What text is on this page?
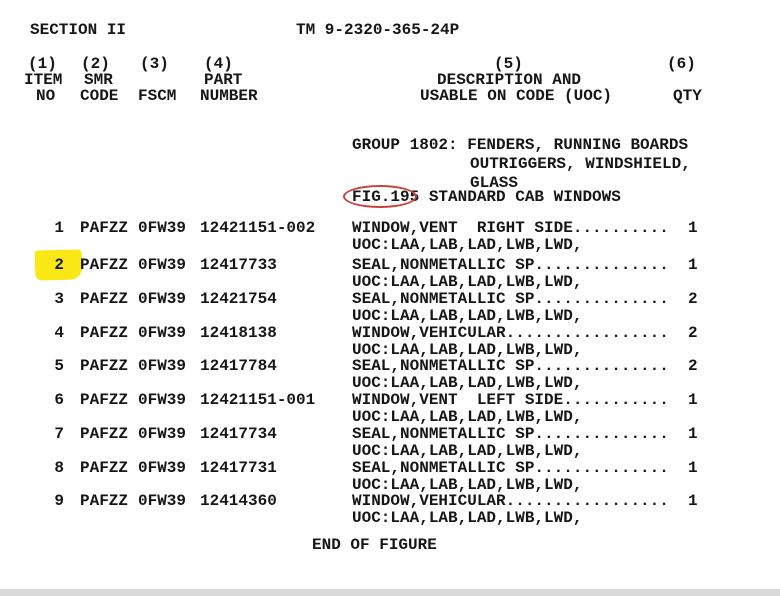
SECTION II	TM 9-2320-365-24P
(1) (2) (3) (4)	(5)	(6)
ITEM SMR	PART	DESCRIPTION AND
NO CODE FSCM NUMBER	USABLE ON CODE (UOC)	QTY
GROUP 1802: FENDERS, RUNNING BOARDS
OUTRIGGERS, WINDSHIELD,
GLASS
FIG.195 STANDARD CAB WINDOWS
1 PAFZZ 0FW39 12421151-002 WINDOW,VENT  RIGHT SIDE.......... 1
UOC:LAA,LAB,LAD,LWB,LWD,
2 PAFZZ 0FW39 12417733	SEAL,NONMETALLIC SP.............. 1
UOC:LAA,LAB,LAD,LWB,LWD,
3 PAFZZ 0FW39 12421754	SEAL,NONMETALLIC SP.............. 2
UOC:LAA,LAB,LAD,LWB,LWD,
4 PAFZZ 0FW39 12418138	WINDOW,VEHICULAR................. 2
UOC:LAA,LAB,LAD,LWB,LWD,
5 PAFZZ 0FW39 12417784	SEAL,NONMETALLIC SP.............. 2
UOC:LAA,LAB,LAD,LWB,LWD,
6 PAFZZ 0FW39 12421151-001 WINDOW,VENT  LEFT SIDE........... 1
UOC:LAA,LAB,LAD,LWB,LWD,
7 PAFZZ 0FW39 12417734	SEAL,NONMETALLIC SP.............. 1
UOC:LAA,LAB,LAD,LWB,LWD,
8 PAFZZ 0FW39 12417731	SEAL,NONMETALLIC SP.............. 1
UOC:LAA,LAB,LAD,LWB,LWD,
9 PAFZZ 0FW39 12414360	WINDOW,VEHICULAR................. 1
UOC:LAA,LAB,LAD,LWB,LWD,
END OF FIGURE
